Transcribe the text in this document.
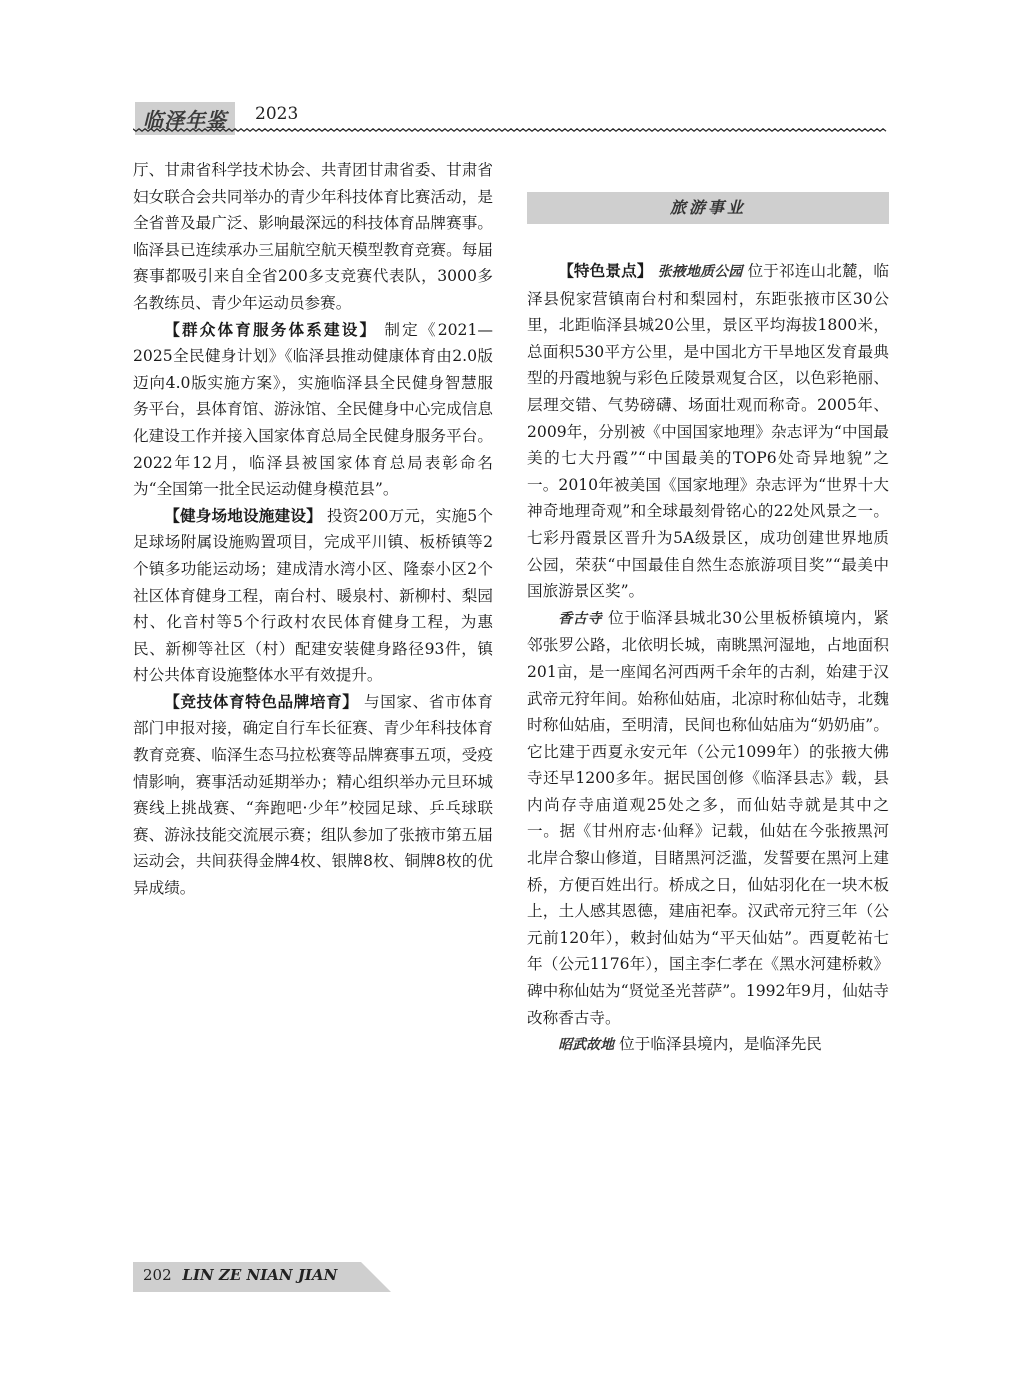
临泽年鉴	2023

厅、甘肃省科学技术协会、共青团甘肃省委、甘肃省妇女联合会共同举办的青少年科技体育比赛活动，是全省普及最广泛、影响最深远的科技体育品牌赛事。临泽县已连续承办三届航空航天模型教育竞赛。每届赛事都吸引来自全省200多支竞赛代表队，3000多名教练员、青少年运动员参赛。

【群众体育服务体系建设】 制定《2021—2025全民健身计划》《临泽县推动健康体育由2.0版迈向4.0版实施方案》，实施临泽县全民健身智慧服务平台，县体育馆、游泳馆、全民健身中心完成信息化建设工作并接入国家体育总局全民健身服务平台。2022年12月，临泽县被国家体育总局表彰命名为“全国第一批全民运动健身模范县”。

【健身场地设施建设】 投资200万元，实施5个足球场附属设施购置项目，完成平川镇、板桥镇等2个镇多功能运动场；建成清水湾小区、隆泰小区2个社区体育健身工程，南台村、暖泉村、新柳村、梨园村、化音村等5个行政村农民体育健身工程，为惠民、新柳等社区（村）配建安装健身路径93件，镇村公共体育设施整体水平有效提升。

【竞技体育特色品牌培育】 与国家、省市体育部门申报对接，确定自行车长征赛、青少年科技体育教育竞赛、临泽生态马拉松赛等品牌赛事五项，受疫情影响，赛事活动延期举办；精心组织举办元旦环城赛线上挑战赛、“奔跑吧·少年”校园足球、乒乓球联赛、游泳技能交流展示赛；组队参加了张掖市第五届运动会，共间获得金牌4枚、银牌8枚、铜牌8枚的优异成绩。

旅游事业

【特色景点】 张掖地质公园 位于祁连山北麓，临泽县倪家营镇南台村和梨园村，东距张掖市区30公里，北距临泽县城20公里，景区平均海拔1800米，总面积530平方公里，是中国北方干旱地区发育最典型的丹霞地貌与彩色丘陵景观复合区，以色彩艳丽、层理交错、气势磅礴、场面壮观而称奇。2005年、2009年，分别被《中国国家地理》杂志评为“中国最美的七大丹霞”“中国最美的TOP6处奇异地貌”之一。2010年被美国《国家地理》杂志评为“世界十大神奇地理奇观”和全球最刻骨铭心的22处风景之一。七彩丹霞景区晋升为5A级景区，成功创建世界地质公园，荣获“中国最佳自然生态旅游项目奖”“最美中国旅游景区奖”。

香古寺 位于临泽县城北30公里板桥镇境内，紧邻张罗公路，北依明长城，南眺黑河湿地，占地面积201亩，是一座闻名河西两千余年的古刹，始建于汉武帝元狩年间。始称仙姑庙，北凉时称仙姑寺，北魏时称仙姑庙，至明清，民间也称仙姑庙为“奶奶庙”。它比建于西夏永安元年（公元1099年）的张掖大佛寺还早1200多年。据民国创修《临泽县志》载，县内尚存寺庙道观25处之多，而仙姑寺就是其中之一。据《甘州府志·仙释》记载，仙姑在今张掖黑河北岸合黎山修道，目睹黑河泛滥，发誓要在黑河上建桥，方便百姓出行。桥成之日，仙姑羽化在一块木板上，土人感其恩德，建庙祀奉。汉武帝元狩三年（公元前120年），敕封仙姑为“平天仙姑”。西夏乾祐七年（公元1176年），国主李仁孝在《黑水河建桥敕》碑中称仙姑为“贤觉圣光菩萨”。1992年9月，仙姑寺改称香古寺。

昭武故地 位于临泽县境内，是临泽先民

202 LIN ZE NIAN JIAN
